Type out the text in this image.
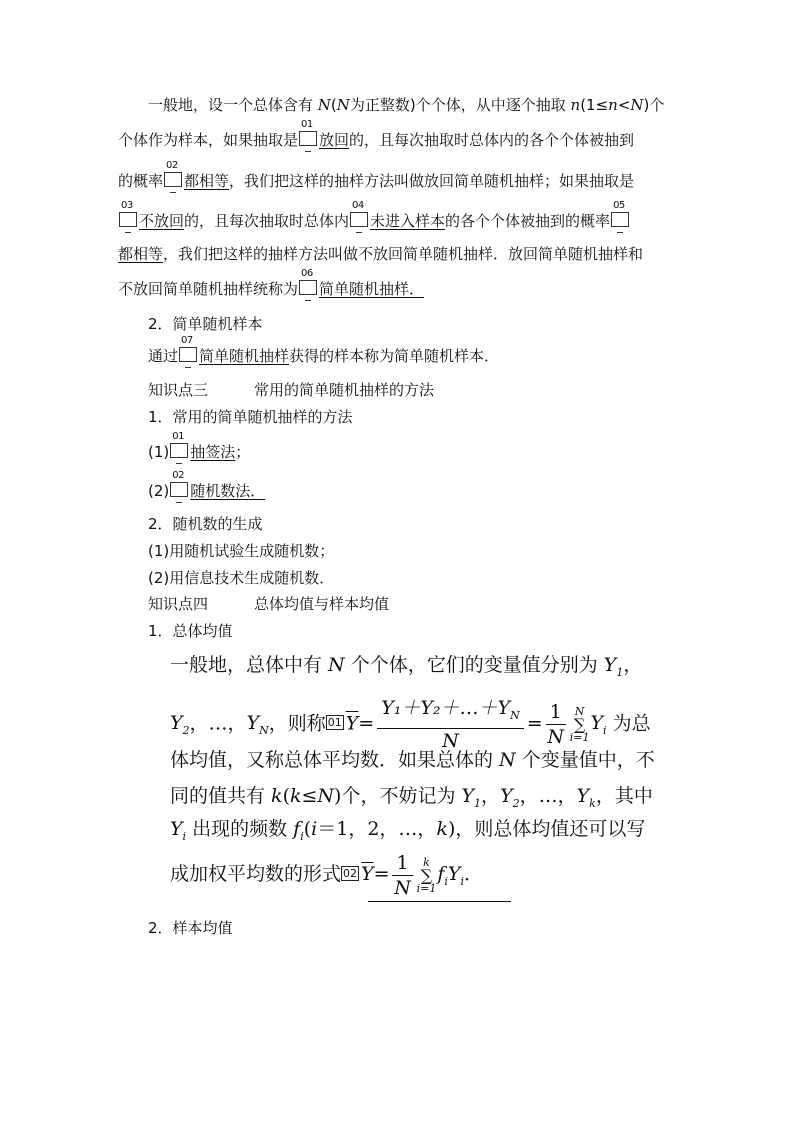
一般地，设一个总体含有 N(N为正整数)个个体，从中逐个抽取 n(1≤n<N)个
个体作为样本，如果抽取是
01
放回的，且每次抽取时总体内的各个个体被抽到
的概率
02
都相等，我们把这样的抽样方法叫做放回简单随机抽样；如果抽取是
03
不放回的，且每次抽取时总体内
04
未进入样本的各个个体被抽到的概率
05
都相等，我们把这样的抽样方法叫做不放回简单随机抽样．放回简单随机抽样和
不放回简单随机抽样统称为
06
简单随机抽样．
2．简单随机样本
通过
07
简单随机抽样获得的样本称为简单随机样本．
知识点三	常用的简单随机抽样的方法
1．常用的简单随机抽样的方法
(1)
01
抽签法；
(2)
02
随机数法．
2．随机数的生成
(1)用随机试验生成随机数；
(2)用信息技术生成随机数．
知识点四	总体均值与样本均值
1．总体均值
一般地，总体中有 N 个个体，它们的变量值分别为 $Y_1$，
$Y_2$，…，$Y_N$，则称 01 $\overline{Y}= \frac{Y_1+Y_2+\dots+Y_N}{N} = \frac{1}{N}$ N
∑
$i=1Y_i$ 为总
体均值，又称总体平均数．如果总体的 N 个变量值中，不
同的值共有 k(k≤N)个，不妨记为 $Y_1$，$Y_2$，…，$Y_k$，其中
$Y_i$ 出现的频数 $f_i(i=1$，2，…，k)，则总体均值还可以写
成加权平均数的形式 02 $\overline{Y}= \frac{1}{N}$ k
∑
$i=1f_iY_i$．
2．样本均值
